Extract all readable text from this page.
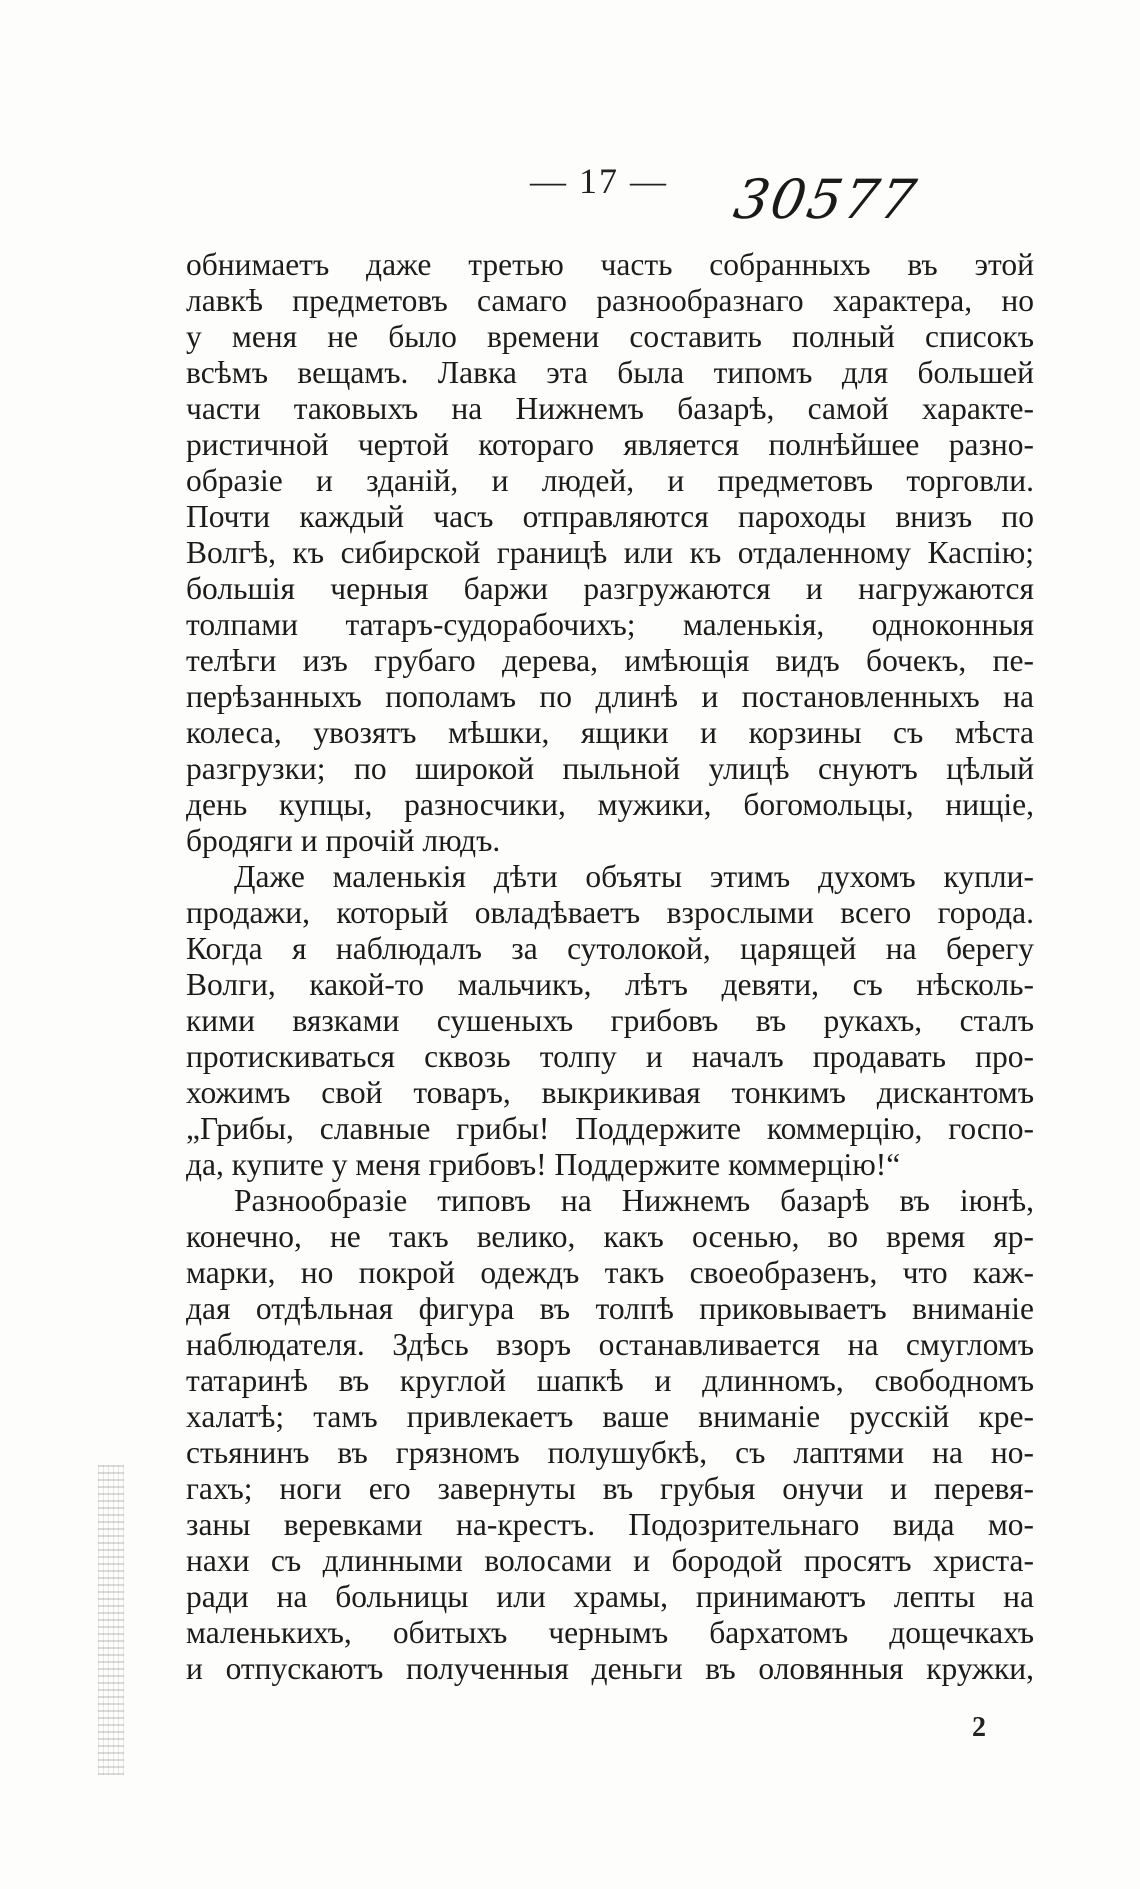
— 17 — 30577
обнимаетъ даже третью часть собранныхъ въ этой
лавкѣ предметовъ самаго разнообразнаго характера, но
у меня не было времени составить полный списокъ
всѣмъ вещамъ. Лавка эта была типомъ для большей
части таковыхъ на Нижнемъ базарѣ, самой характе-
ристичной чертой котораго является полнѣйшее разно-
образіе и зданій, и людей, и предметовъ торговли.
Почти каждый часъ отправляются пароходы внизъ по
Волгѣ, къ сибирской границѣ или къ отдаленному Каспію;
большія черныя баржи разгружаются и нагружаются
толпами татаръ-судорабочихъ; маленькія, одноконныя
телѣги изъ грубаго дерева, имѣющія видъ бочекъ, пе-
перѣзанныхъ пополамъ по длинѣ и постановленныхъ на
колеса, увозятъ мѣшки, ящики и корзины съ мѣста
разгрузки; по широкой пыльной улицѣ снуютъ цѣлый
день купцы, разносчики, мужики, богомольцы, нищіе,
бродяги и прочій людъ.
Даже маленькія дѣти объяты этимъ духомъ купли-
продажи, который овладѣваетъ взрослыми всего города.
Когда я наблюдалъ за сутолокой, царящей на берегу
Волги, какой-то мальчикъ, лѣтъ девяти, съ нѣсколь-
кими вязками сушеныхъ грибовъ въ рукахъ, сталъ
протискиваться сквозь толпу и началъ продавать про-
хожимъ свой товаръ, выкрикивая тонкимъ дискантомъ
„Грибы, славные грибы! Поддержите коммерцію, госпо-
да, купите у меня грибовъ! Поддержите коммерцію!“
Разнообразіе типовъ на Нижнемъ базарѣ въ іюнѣ,
конечно, не такъ велико, какъ осенью, во время яр-
марки, но покрой одеждъ такъ своеобразенъ, что каж-
дая отдѣльная фигура въ толпѣ приковываетъ вниманіе
наблюдателя. Здѣсь взоръ останавливается на смугломъ
татаринѣ въ круглой шапкѣ и длинномъ, свободномъ
халатѣ; тамъ привлекаетъ ваше вниманіе русскій кре-
стьянинъ въ грязномъ полушубкѣ, съ лаптями на но-
гахъ; ноги его завернуты въ грубыя онучи и перевя-
заны веревками на-крестъ. Подозрительнаго вида мо-
нахи съ длинными волосами и бородой просятъ христа-
ради на больницы или храмы, принимаютъ лепты на
маленькихъ, обитыхъ чернымъ бархатомъ дощечкахъ
и отпускаютъ полученныя деньги въ оловянныя кружки,
2
